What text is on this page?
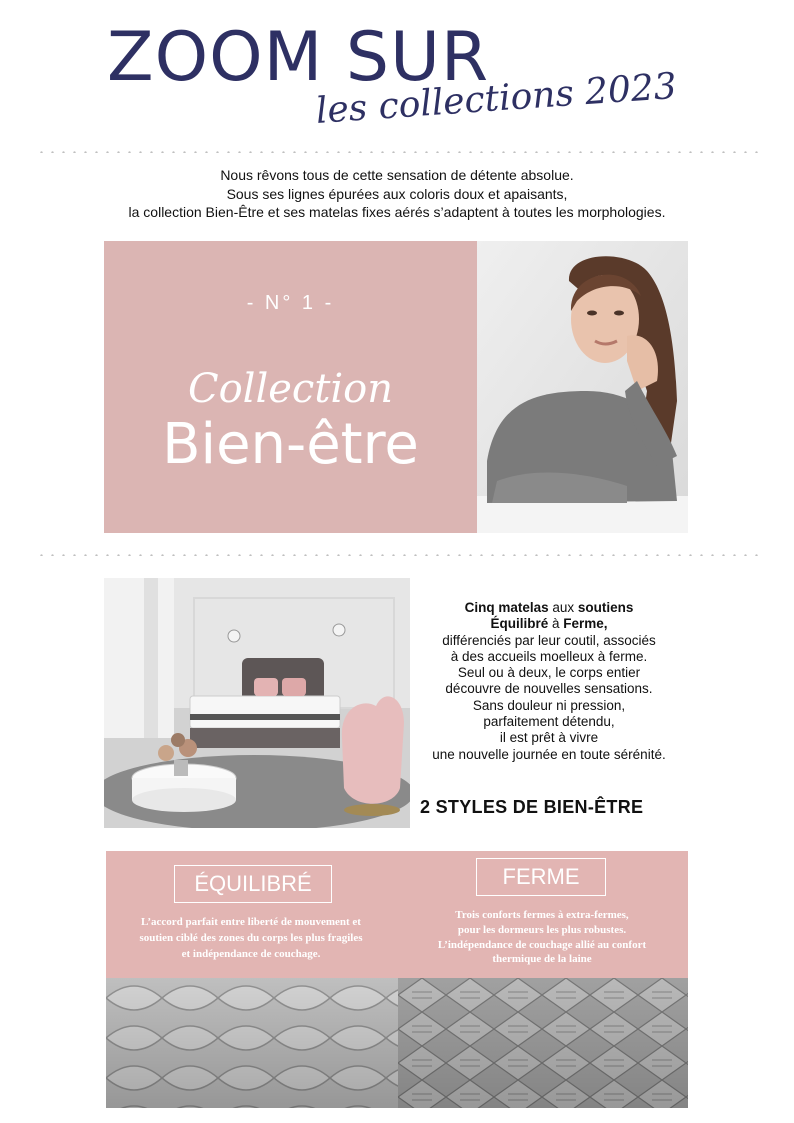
ZOOM SUR
les collections 2023
Nous rêvons tous de cette sensation de détente absolue.
Sous ses lignes épurées aux coloris doux et apaisants,
la collection Bien-Être et ses matelas fixes aérés s’adaptent à toutes les morphologies.
- N° 1 -
Collection
Bien-être
Cinq matelas aux soutiens
Équilibré à Ferme,
différenciés par leur coutil, associés
à des accueils moelleux à ferme.
Seul ou à deux, le corps entier
découvre de nouvelles sensations.
Sans douleur ni pression,
parfaitement détendu,
il est prêt à vivre
une nouvelle journée en toute sérénité.
2 STYLES DE BIEN-ÊTRE
ÉQUILIBRÉ	FERME
L’accord parfait entre liberté de mouvement et
soutien ciblé des zones du corps les plus fragiles
et indépendance de couchage.
Trois conforts fermes à extra-fermes,
pour les dormeurs les plus robustes.
L’indépendance de couchage allié au confort
thermique de la laine
